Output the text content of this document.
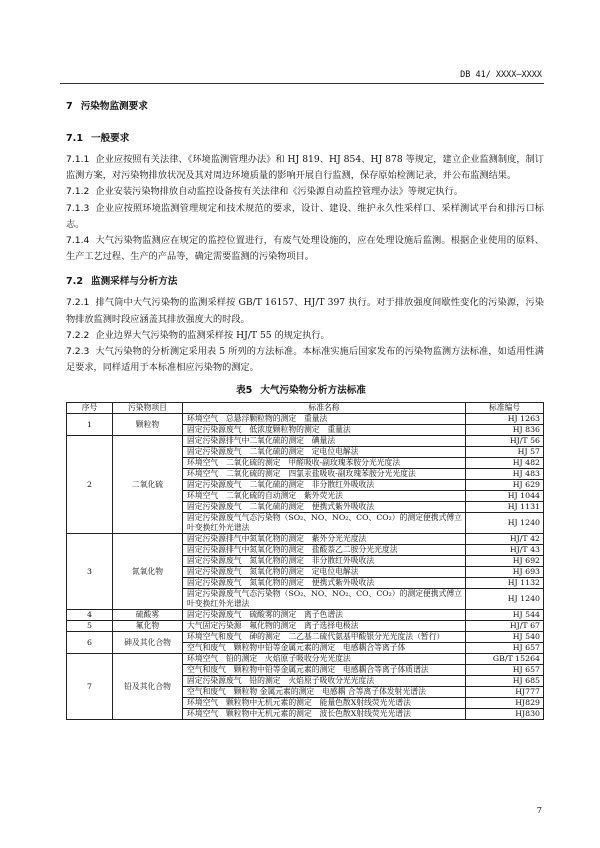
DB 41/ XXXX—XXXX
7 污染物监测要求
7.1 一般要求

7.1.1 企业应按照有关法律、《环境监测管理办法》和 HJ 819、HJ 854、HJ 878 等规定，建立企业监测制度，制订监测方案，对污染物排放状况及其对周边环境质量的影响开展自行监测，保存原始检测记录，并公布监测结果。

7.1.2 企业安装污染物排放自动监控设备按有关法律和《污染源自动监控管理办法》等规定执行。

7.1.3 企业应按照环境监测管理规定和技术规范的要求，设计、建设、维护永久性采样口、采样测试平台和排污口标志。

7.1.4 大气污染物监测应在规定的监控位置进行，有废气处理设施的，应在处理设施后监测。根据企业使用的原料、生产工艺过程、生产的产品等，确定需要监测的污染物项目。

7.2 监测采样与分析方法

7.2.1 排气筒中大气污染物的监测采样按 GB/T 16157、HJ/T 397 执行。对于排放强度间歇性变化的污染源，污染物排放监测时段应涵盖其排放强度大的时段。

7.2.2 企业边界大气污染物的监测采样按 HJ/T 55 的规定执行。

7.2.3 大气污染物的分析测定采用表 5 所列的方法标准。本标准实施后国家发布的污染物监测方法标准，如适用性满足要求，同样适用于本标准相应污染物的测定。

表5 大气污染物分析方法标准
序号	污染物项目	标准名称	标准编号
1	颗粒物	环境空气　总悬浮颗粒物的测定　重量法	HJ 1263
		固定污染源废气　低浓度颗粒物的测定　重量法	HJ 836
2	二氧化硫	固定污染源排气中二氧化硫的测定　碘量法	HJ/T 56
		固定污染源废气　二氧化硫的测定　定电位电解法	HJ 57
		环境空气　二氧化硫的测定　甲醛吸收-副玫瑰苯胺分光光度法	HJ 482
		环境空气　二氧化硫的测定　四氯汞盐吸收-副玫瑰苯胺分光光度法	HJ 483
		固定污染源废气　二氧化硫的测定　非分散红外吸收法	HJ 629
		环境空气　二氧化硫的自动测定　紫外荧光法	HJ 1044
		固定污染源废气　二氧化硫的测定　便携式紫外吸收法	HJ 1131
		固定污染源废气气态污染物（SO₂、NO、NO₂、CO、CO₂）的测定便携式傅立叶变换红外光谱法	HJ 1240
3	氮氧化物	固定污染源排气中氮氧化物的测定　紫外分光光度法	HJ/T 42
		固定污染源排气中氮氧化物的测定　盐酸萘乙二胺分光光度法	HJ/T 43
		固定污染源废气　氮氧化物的测定　非分散红外吸收法	HJ 692
		固定污染源废气　氮氧化物的测定　定电位电解法	HJ 693
		固定污染源废气　氮氧化物的测定　便携式紫外吸收法	HJ 1132
		固定污染源废气气态污染物（SO₂、NO、NO₂、CO、CO₂）的测定便携式傅立叶变换红外光谱法	HJ 1240
4	硫酸雾	固定污染源废气　硫酸雾的测定　离子色谱法	HJ 544
5	氟化物	大气固定污染源　氟化物的测定　离子选择电极法	HJ/T 67
6	砷及其化合物	环境空气和废气　砷的测定　二乙基二硫代氨基甲酸银分光光度法（暂行）	HJ 540
		空气和废气　颗粒物中铅等金属元素的测定　电感耦合等离子体	HJ 657
7	铅及其化合物	环境空气　铅的测定　火焰原子吸收分光光度法	GB/T 15264
		空气和废气　颗粒物中铅等金属元素的测定　电感耦合等离子体质谱法	HJ 657
		固定污染源废气　铅的测定　火焰原子吸收分光光度法	HJ 685
		空气和废气　颗粒物 金属元素的测定　电感耦 合等离子体发射光谱法	HJ777
		环境空气　颗粒物中无机元素的测定　能量色散X射线荧光光谱法	HJ829
		环境空气　颗粒物中无机元素的测定　波长色散X射线荧光光谱法	HJ830
7
